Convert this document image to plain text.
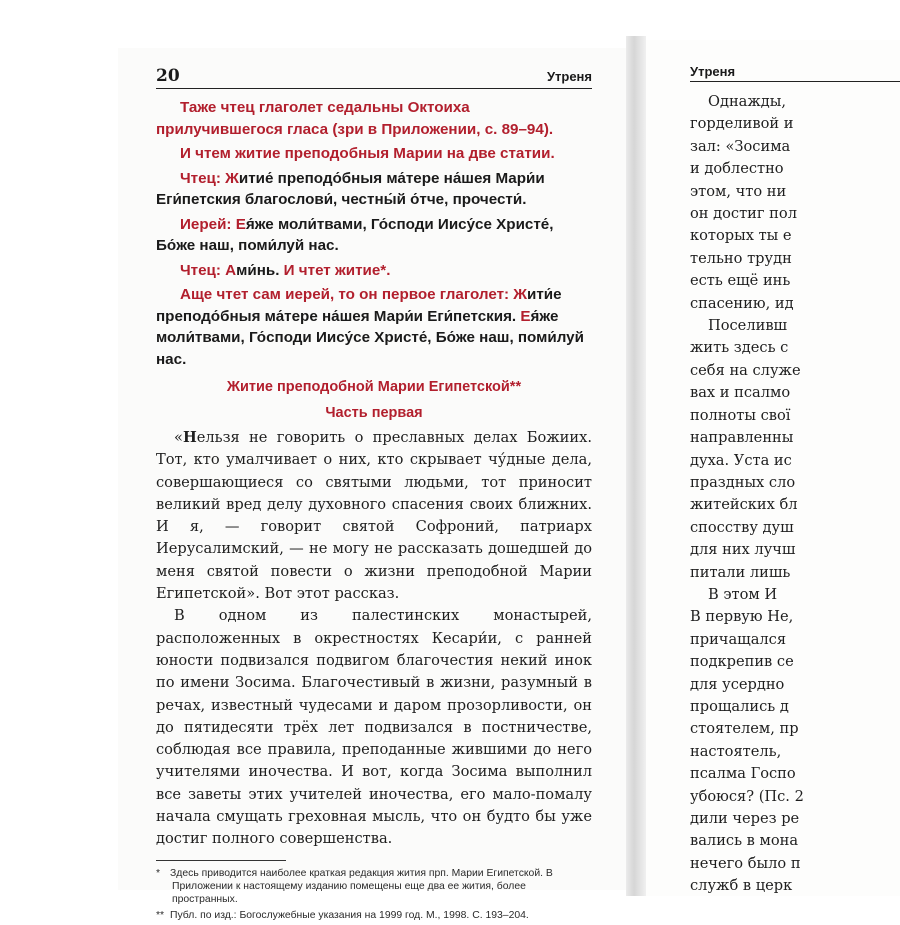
20	Утреня

Таже чтец глаголет седальны Октоиха прилучившегося гласа (зри в Приложении, с. 89–94).

И чтем житие преподобныя Марии на две статии.

Чтец: Житие́ преподо́бныя ма́тере на́шея Мари́и Еги́петския благослови́, честны́й о́тче, прочести́.

Иерей: Ея́же моли́твами, Го́споди Иису́се Христе́, Бо́же наш, поми́луй нас.

Чтец: Ами́нь. И чтет житие*.

Аще чтет сам иерей, то он первое глаголет: Жити́е преподо́бныя ма́тере на́шея Мари́и Еги́петския. Ея́же моли́твами, Го́споди Иису́се Христе́, Бо́же наш, поми́луй нас.

Житие преподобной Марии Египетской**
Часть первая

«Нельзя не говорить о преславных делах Божиих. Тот, кто умалчивает о них, кто скрывает чу́дные дела, совершающиеся со святыми людьми, тот приносит великий вред делу духовного спасения своих ближних. И я, — говорит святой Софроний, патриарх Иерусалимский, — не могу не рассказать дошедшей до меня святой повести о жизни преподобной Марии Египетской». Вот этот рассказ.

В одном из палестинских монастырей, расположенных в окрестностях Кесари́и, с ранней юности подвизался подвигом благочестия некий инок по имени Зосима. Благочестивый в жизни, разумный в речах, известный чудесами и даром прозорливости, он до пятидесяти трёх лет подвизался в постничестве, соблюдая все правила, преподанные жившими до него учителями иночества. И вот, когда Зосима выполнил все заветы этих учителей иночества, его мало-помалу начала смущать греховная мысль, что он будто бы уже достиг полного совершенства.

* Здесь приводится наиболее краткая редакция жития прп. Марии Египетской. В Приложении к настоящему изданию помещены еще два ее жития, более пространных.

** Публ. по изд.: Богослужебные указания на 1999 год. М., 1998. С. 193–204.

Утреня
Однажды,
горделивой и
зал: «Зосима
и доблестно
этом, что ни
он достиг пол
которых ты е
тельно трудн
есть ещё инь
спасению, ид
Поселивш
жить здесь с
себя на служе
вах и псалмо
полноты свої
направленны
духа. Уста ис
праздных сло
житейских бл
спосству душ
для них лучш
питали лишь
В этом И
В первую Не,
причащался
подкрепив се
для усердно
прощались д
стоятелем, пр
настоятель,
псалма Госпо
убоюся? (Пс. 2
дили через ре
вались в мона
нечего было п
служб в церк
